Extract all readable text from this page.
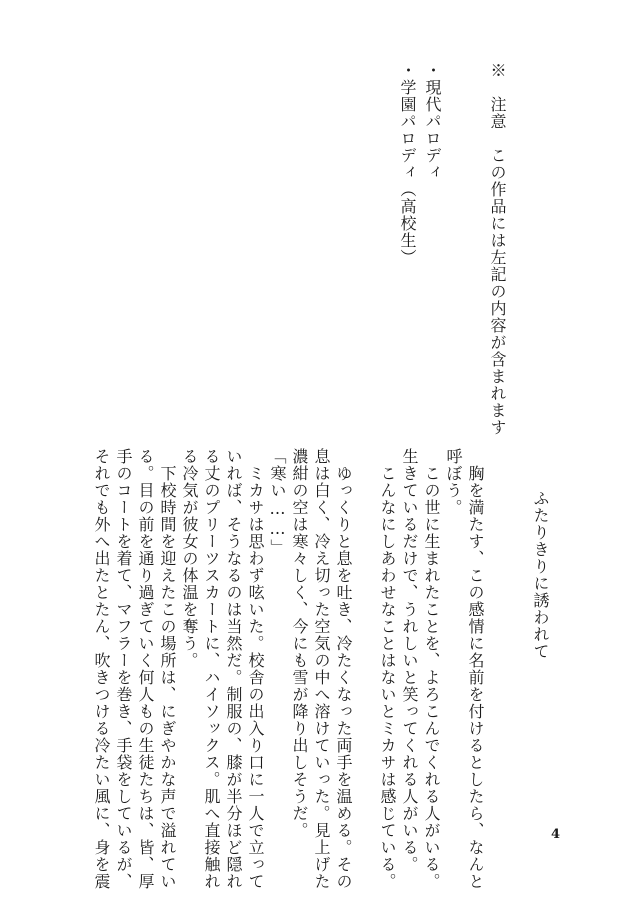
※　注意　この作品には左記の内容が含まれます
・現代パロディ
・学園パロディ（高校生）
ふたりきりに誘われて
　胸を満たす、この感情に名前を付けるとしたら、なんと
呼ぼう。
　この世に生まれたことを、よろこんでくれる人がいる。
生きているだけで、うれしいと笑ってくれる人がいる。
　こんなにしあわせなことはないとミカサは感じている。
　ゆっくりと息を吐き、冷たくなった両手を温める。その
息は白く、冷え切った空気の中へ溶けていった。見上げた
濃紺の空は寒々しく、今にも雪が降り出しそうだ。
「寒い……」
　ミカサは思わず呟いた。校舎の出入り口に一人で立って
いれば、そうなるのは当然だ。制服の、膝が半分ほど隠れ
る丈のプリーツスカートに、ハイソックス。肌へ直接触れ
る冷気が彼女の体温を奪う。
　下校時間を迎えたこの場所は、にぎやかな声で溢れてい
る。目の前を通り過ぎていく何人もの生徒たちは、皆、厚
手のコートを着て、マフラーを巻き、手袋をしているが、
それでも外へ出たとたん、吹きつける冷たい風に、身を震	4
